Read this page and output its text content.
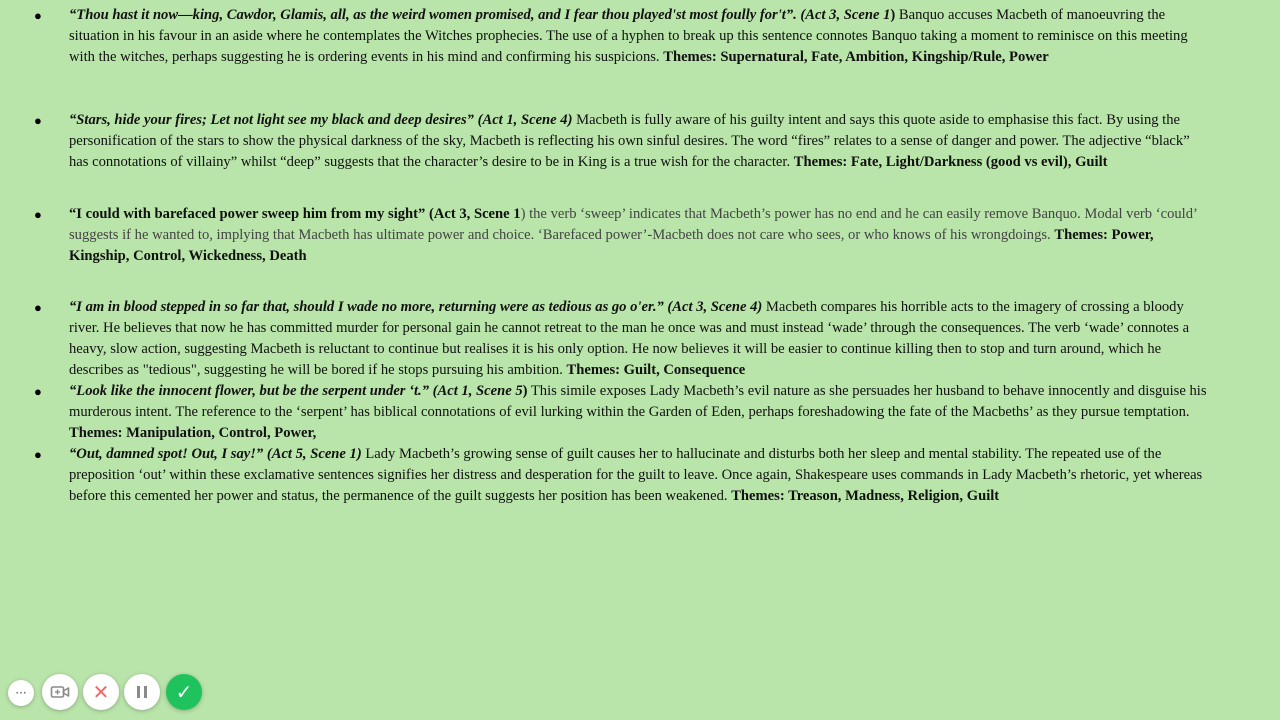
● “Thou hast it now—king, Cawdor, Glamis, all, as the weird women promised, and I fear thou played'st most foully for't”. (Act 3, Scene 1) Banquo accuses Macbeth of manoeuvring the situation in his favour in an aside where he contemplates the Witches prophecies. The use of a hyphen to break up this sentence connotes Banquo taking a moment to reminisce on this meeting with the witches, perhaps suggesting he is ordering events in his mind and confirming his suspicions. Themes: Supernatural, Fate, Ambition, Kingship/Rule, Power
● “Stars, hide your fires; Let not light see my black and deep desires” (Act 1, Scene 4) Macbeth is fully aware of his guilty intent and says this quote aside to emphasise this fact. By using the personification of the stars to show the physical darkness of the sky, Macbeth is reflecting his own sinful desires. The word “fires” relates to a sense of danger and power. The adjective “black” has connotations of villainy” whilst “deep” suggests that the character’s desire to be in King is a true wish for the character. Themes: Fate, Light/Darkness (good vs evil), Guilt
● “I could with barefaced power sweep him from my sight” (Act 3, Scene 1) the verb ‘sweep’ indicates that Macbeth’s power has no end and he can easily remove Banquo. Modal verb ‘could’ suggests if he wanted to, implying that Macbeth has ultimate power and choice. ‘Barefaced power’-Macbeth does not care who sees, or who knows of his wrongdoings. Themes: Power, Kingship, Control, Wickedness, Death
● “I am in blood stepped in so far that, should I wade no more, returning were as tedious as go o'er.” (Act 3, Scene 4) Macbeth compares his horrible acts to the imagery of crossing a bloody river. He believes that now he has committed murder for personal gain he cannot retreat to the man he once was and must instead ‘wade’ through the consequences. The verb ‘wade’ connotes a heavy, slow action, suggesting Macbeth is reluctant to continue but realises it is his only option. He now believes it will be easier to continue killing then to stop and turn around, which he describes as "tedious", suggesting he will be bored if he stops pursuing his ambition. Themes: Guilt, Consequence
● “Look like the innocent flower, but be the serpent under ‘t.” (Act 1, Scene 5) This simile exposes Lady Macbeth’s evil nature as she persuades her husband to behave innocently and disguise his murderous intent. The reference to the ‘serpent’ has biblical connotations of evil lurking within the Garden of Eden, perhaps foreshadowing the fate of the Macbeths’ as they pursue temptation. Themes: Manipulation, Control, Power,
● “Out, damned spot! Out, I say!” (Act 5, Scene 1) Lady Macbeth’s growing sense of guilt causes her to hallucinate and disturbs both her sleep and mental stability. The repeated use of the preposition ‘out’ within these exclamative sentences signifies her distress and desperation for the guilt to leave. Once again, Shakespeare uses commands in Lady Macbeth’s rhetoric, yet whereas before this cemented her power and status, the permanence of the guilt suggests her position has been weakened. Themes: Treason, Madness, Religion, Guilt
···	✕	✓
